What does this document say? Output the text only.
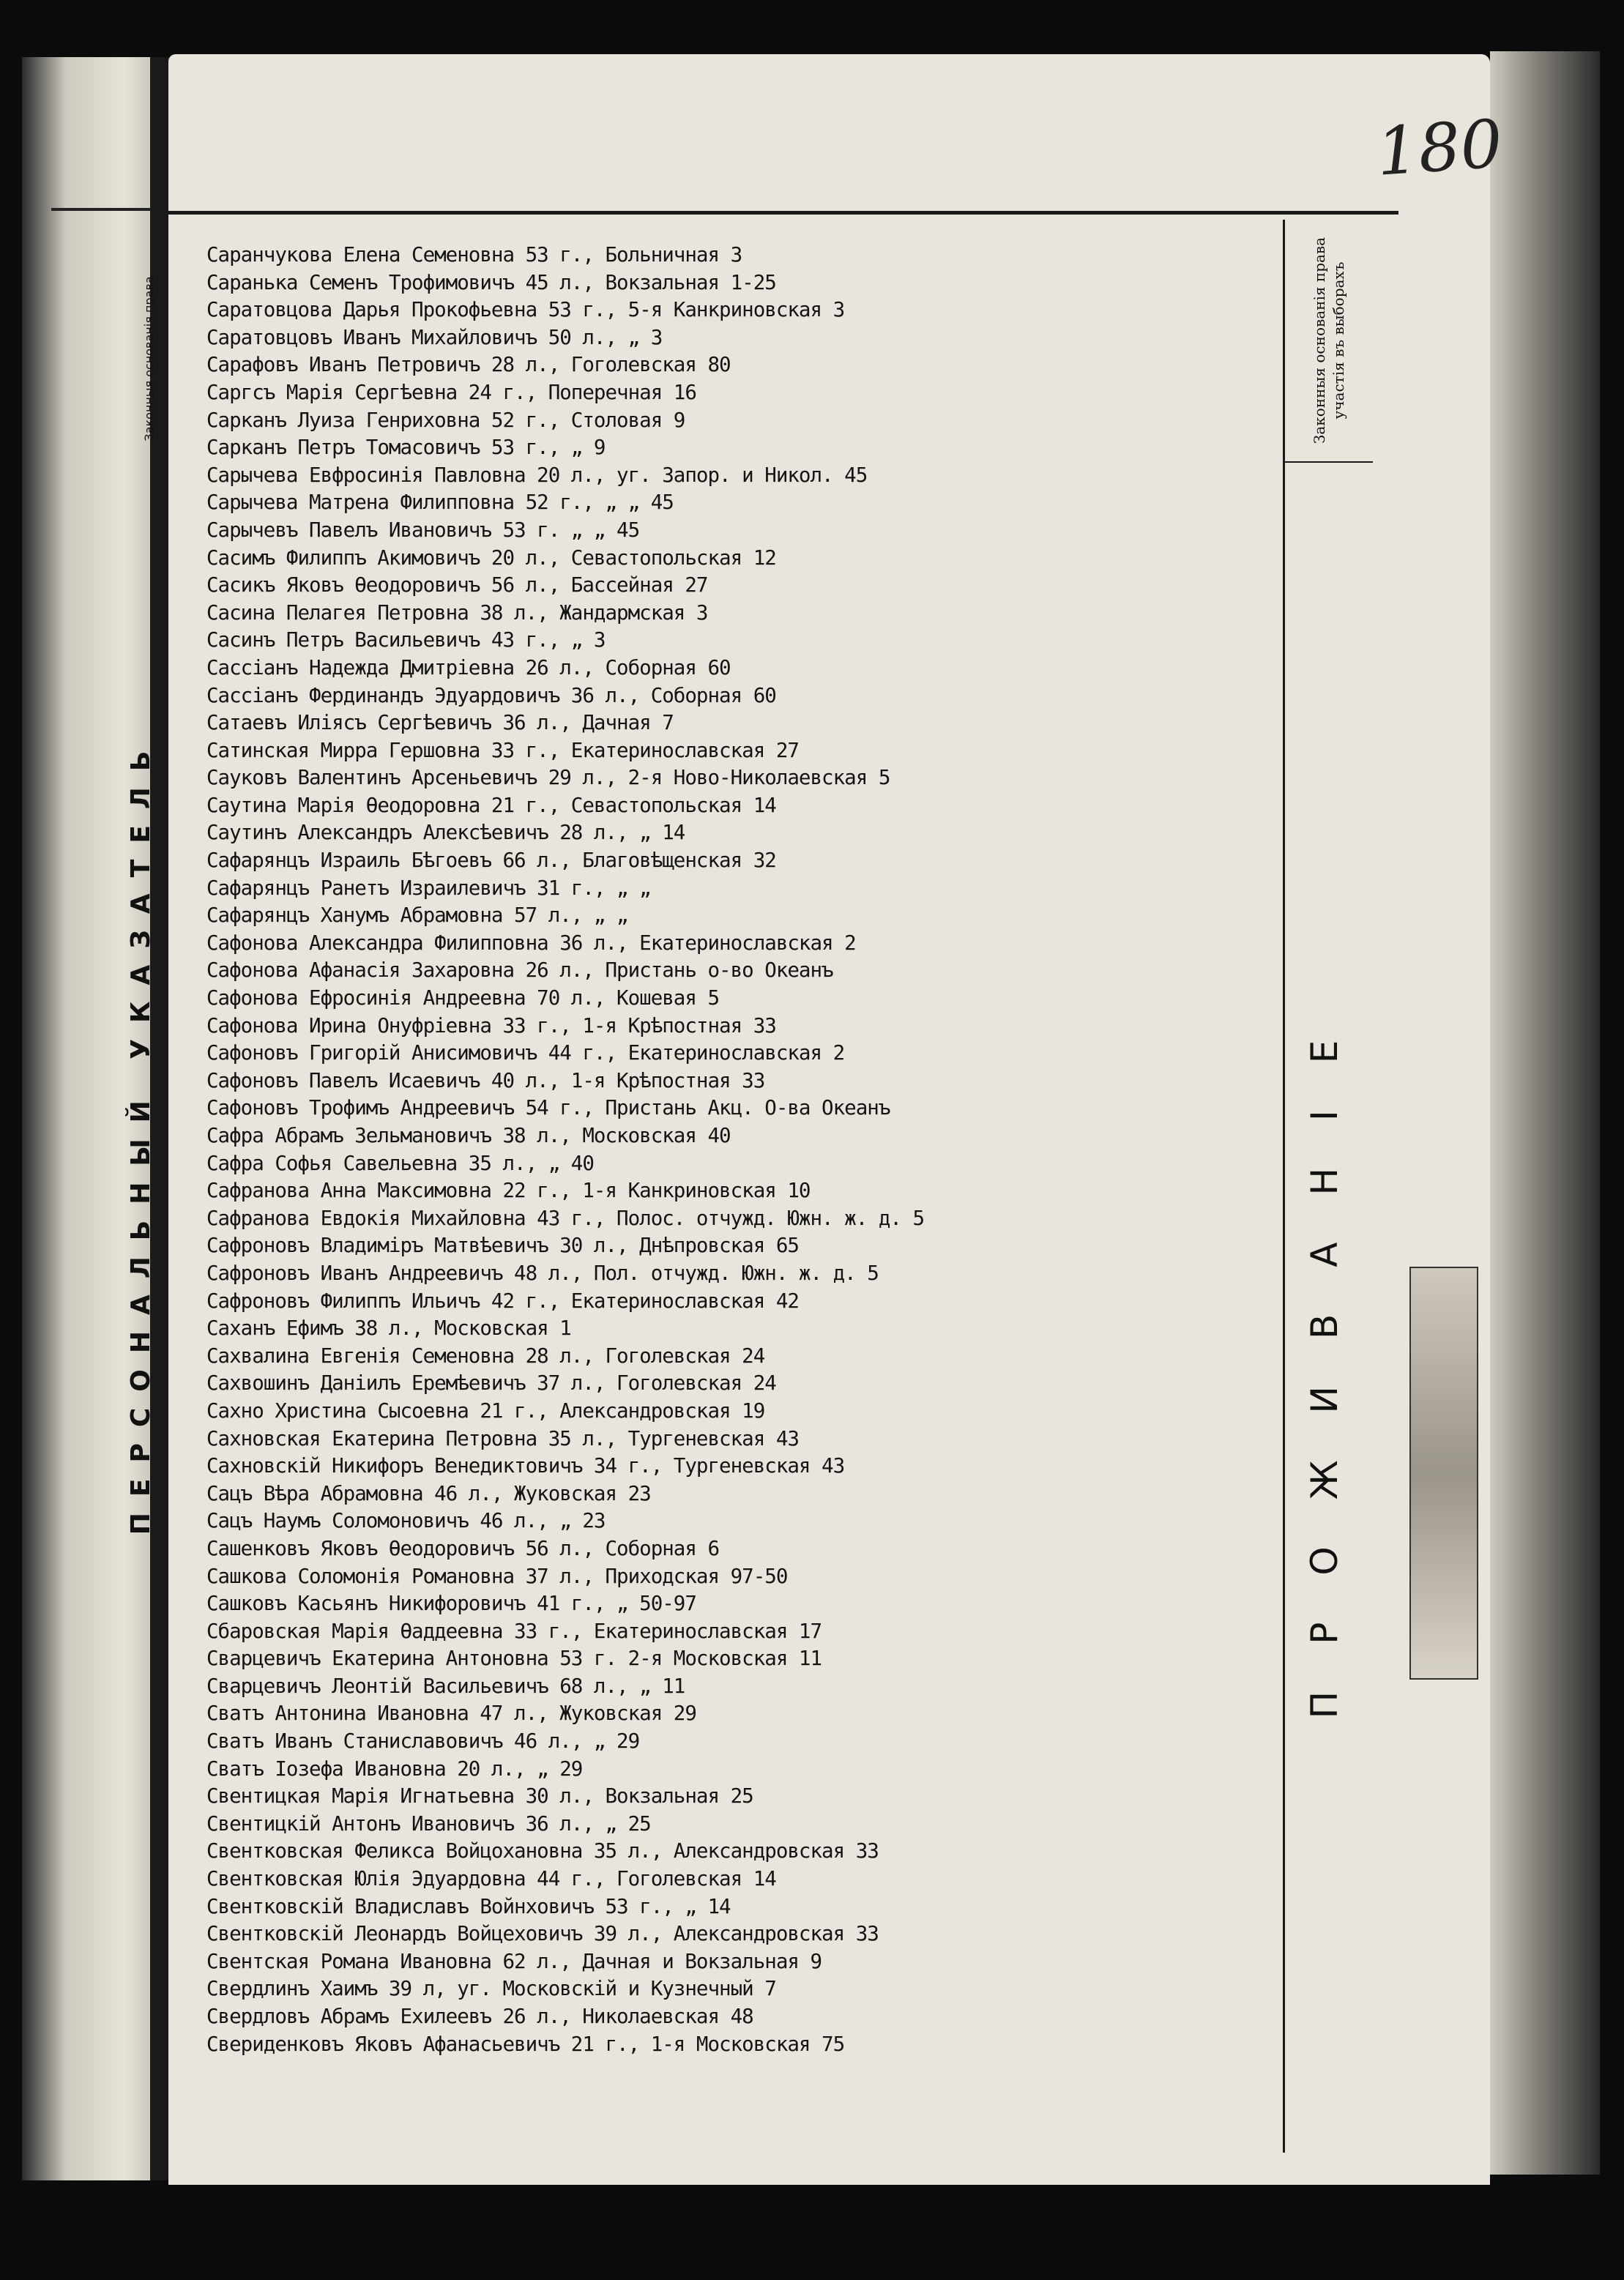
ПЕРСОНАЛЬНЫЙ УКАЗАТЕЛЬ
Законныя основанія права
180
Саранчукова Елена Семеновна 53 г., Больничная 3
Саранька Семенъ Трофимовичъ 45 л., Вокзальная 1-25
Саратовцова Дарья Прокофьевна 53 г., 5-я Канкриновская 3
Саратовцовъ Иванъ Михайловичъ 50 л., „ 3
Сарафовъ Иванъ Петровичъ 28 л., Гоголевская 80
Саргсъ Марія Сергѣевна 24 г., Поперечная 16
Сарканъ Луиза Генриховна 52 г., Столовая 9
Сарканъ Петръ Томасовичъ 53 г., „ 9
Сарычева Евфросинія Павловна 20 л., уг. Запор. и Никол. 45
Сарычева Матрена Филипповна 52 г., „ „ 45
Сарычевъ Павелъ Ивановичъ 53 г. „ „ 45
Сасимъ Филиппъ Акимовичъ 20 л., Севастопольская 12
Сасикъ Яковъ Ѳеодоровичъ 56 л., Бассейная 27
Сасина Пелагея Петровна 38 л., Жандармская 3
Сасинъ Петръ Васильевичъ 43 г., „ 3
Сассіанъ Надежда Дмитріевна 26 л., Соборная 60
Сассіанъ Фердинандъ Эдуардовичъ 36 л., Соборная 60
Сатаевъ Иліясъ Сергѣевичъ 36 л., Дачная 7
Сатинская Мирра Гершовна 33 г., Екатеринославская 27
Сауковъ Валентинъ Арсеньевичъ 29 л., 2-я Ново-Николаевская 5
Саутина Марія Ѳеодоровна 21 г., Севастопольская 14
Саутинъ Александръ Алексѣевичъ 28 л., „ 14
Сафарянцъ Израиль Бѣгоевъ 66 л., Благовѣщенская 32
Сафарянцъ Ранетъ Израилевичъ 31 г., „ „
Сафарянцъ Ханумъ Абрамовна 57 л., „ „
Сафонова Александра Филипповна 36 л., Екатеринославская 2
Сафонова Афанасія Захаровна 26 л., Пристань о-во Океанъ
Сафонова Ефросинія Андреевна 70 л., Кошевая 5
Сафонова Ирина Онуфріевна 33 г., 1-я Крѣпостная 33
Сафоновъ Григорій Анисимовичъ 44 г., Екатеринославская 2
Сафоновъ Павелъ Исаевичъ 40 л., 1-я Крѣпостная 33
Сафоновъ Трофимъ Андреевичъ 54 г., Пристань Акц. О-ва Океанъ
Сафра Абрамъ Зельмановичъ 38 л., Московская 40
Сафра Софья Савельевна 35 л., „ 40
Сафранова Анна Максимовна 22 г., 1-я Канкриновская 10
Сафранова Евдокія Михайловна 43 г., Полос. отчужд. Южн. ж. д. 5
Сафроновъ Владиміръ Матвѣевичъ 30 л., Днѣпровская 65
Сафроновъ Иванъ Андреевичъ 48 л., Пол. отчужд. Южн. ж. д. 5
Сафроновъ Филиппъ Ильичъ 42 г., Екатеринославская 42
Саханъ Ефимъ 38 л., Московская 1
Сахвалина Евгенія Семеновна 28 л., Гоголевская 24
Сахвошинъ Даніилъ Еремѣевичъ 37 л., Гоголевская 24
Сахно Христина Сысоевна 21 г., Александровская 19
Сахновская Екатерина Петровна 35 л., Тургеневская 43
Сахновскій Никифоръ Венедиктовичъ 34 г., Тургеневская 43
Сацъ Вѣра Абрамовна 46 л., Жуковская 23
Сацъ Наумъ Соломоновичъ 46 л., „ 23
Сашенковъ Яковъ Ѳеодоровичъ 56 л., Соборная 6
Сашкова Соломонія Романовна 37 л., Приходская 97-50
Сашковъ Касьянъ Никифоровичъ 41 г., „ 50-97
Сбаровская Марія Ѳаддеевна 33 г., Екатеринославская 17
Сварцевичъ Екатерина Антоновна 53 г. 2-я Московская 11
Сварцевичъ Леонтій Васильевичъ 68 л., „ 11
Сватъ Антонина Ивановна 47 л., Жуковская 29
Сватъ Иванъ Станиславовичъ 46 л., „ 29
Сватъ Іозефа Ивановна 20 л., „ 29
Свентицкая Марія Игнатьевна 30 л., Вокзальная 25
Свентицкій Антонъ Ивановичъ 36 л., „ 25
Свентковская Феликса Войцохановна 35 л., Александровская 33
Свентковская Юлія Эдуардовна 44 г., Гоголевская 14
Свентковскій Владиславъ Войнховичъ 53 г., „ 14
Свентковскій Леонардъ Войцеховичъ 39 л., Александровская 33
Свентская Романа Ивановна 62 л., Дачная и Вокзальная 9
Свердлинъ Хаимъ 39 л, уг. Московскій и Кузнечный 7
Свердловъ Абрамъ Ехилеевъ 26 л., Николаевская 48
Свериденковъ Яковъ Афанасьевичъ 21 г., 1-я Московская 75
Законныя основанія права участія въ выборахъ
ПРОЖИВАНІЕ
